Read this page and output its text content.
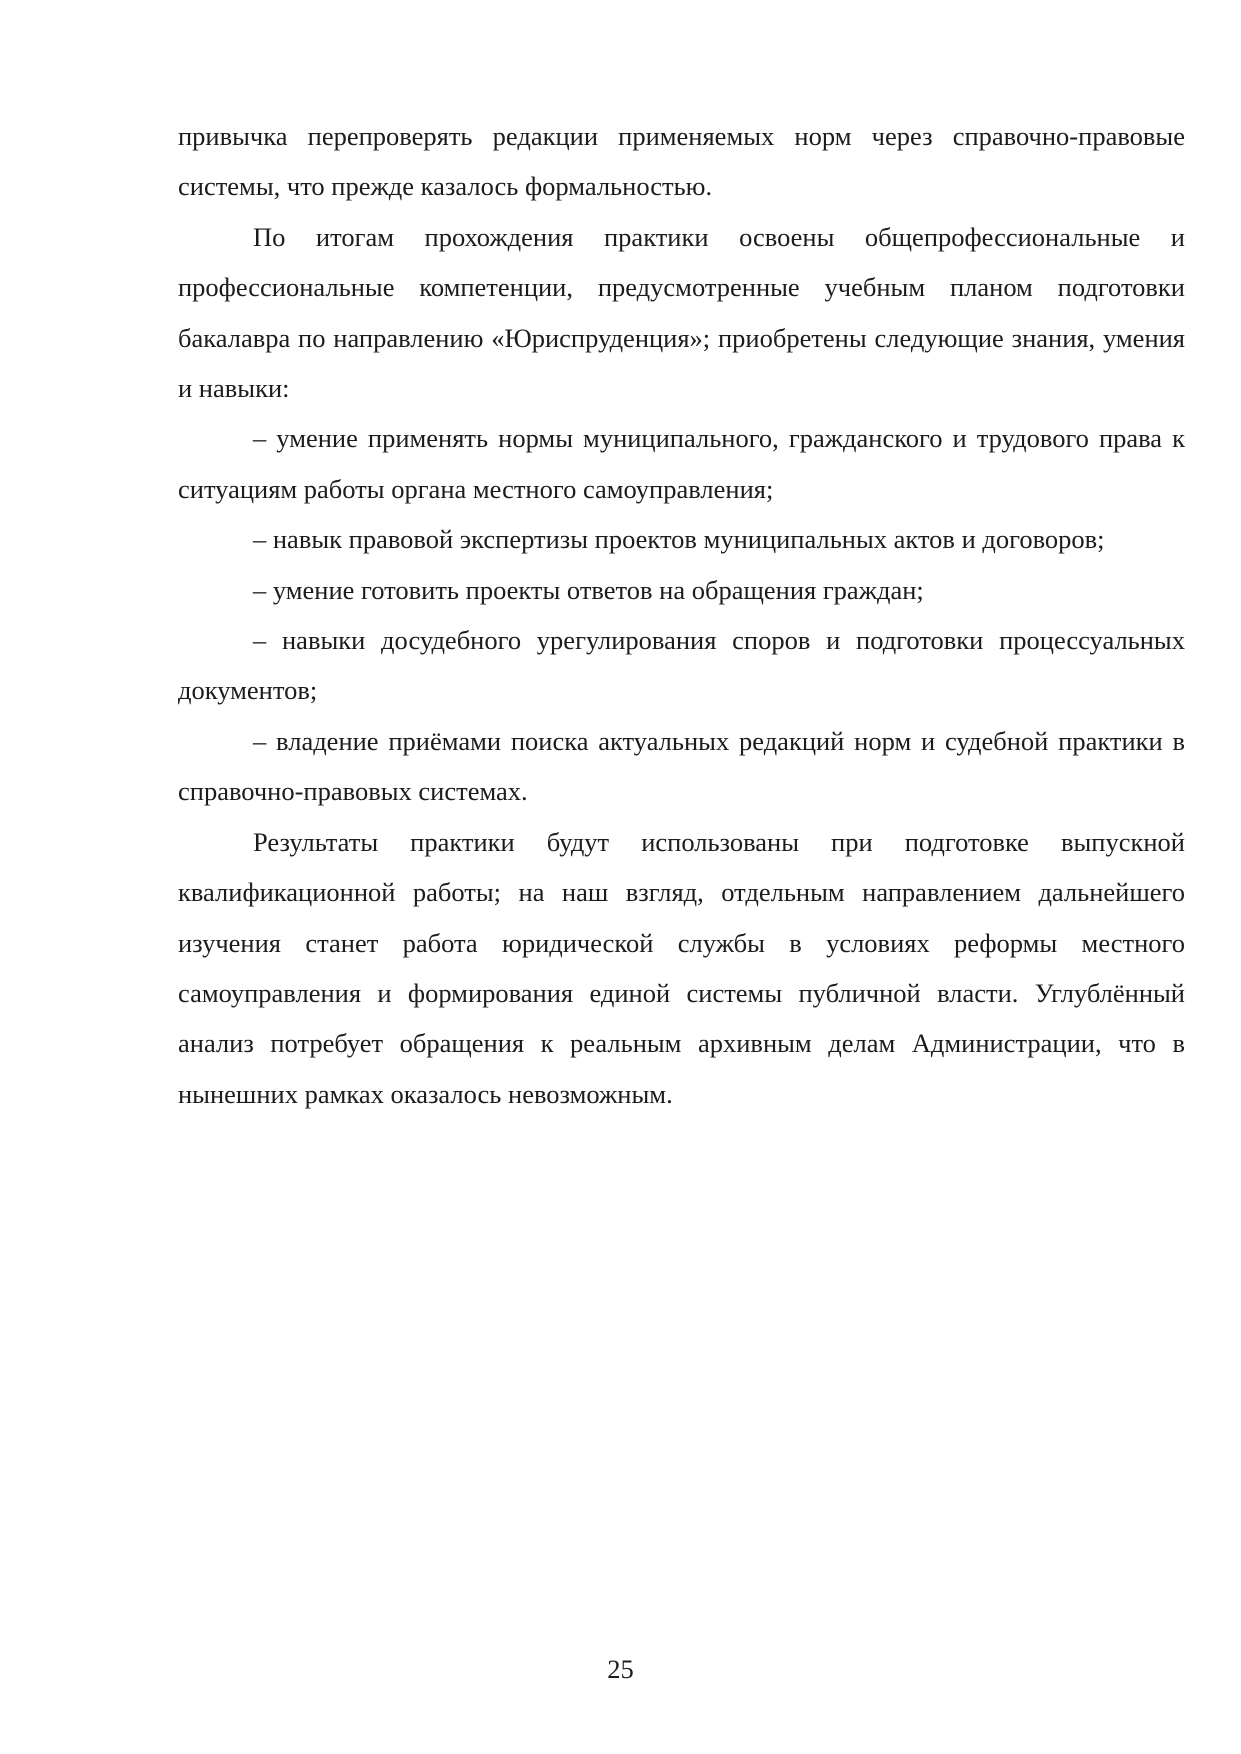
привычка перепроверять редакции применяемых норм через справочно-правовые системы, что прежде казалось формальностью.

По итогам прохождения практики освоены общепрофессиональные и профессиональные компетенции, предусмотренные учебным планом подготовки бакалавра по направлению «Юриспруденция»; приобретены следующие знания, умения и навыки:

– умение применять нормы муниципального, гражданского и трудового права к ситуациям работы органа местного самоуправления;

– навык правовой экспертизы проектов муниципальных актов и договоров;

– умение готовить проекты ответов на обращения граждан;

– навыки досудебного урегулирования споров и подготовки процессуальных документов;

– владение приёмами поиска актуальных редакций норм и судебной практики в справочно-правовых системах.

Результаты практики будут использованы при подготовке выпускной квалификационной работы; на наш взгляд, отдельным направлением дальнейшего изучения станет работа юридической службы в условиях реформы местного самоуправления и формирования единой системы публичной власти. Углублённый анализ потребует обращения к реальным архивным делам Администрации, что в нынешних рамках оказалось невозможным.

25
